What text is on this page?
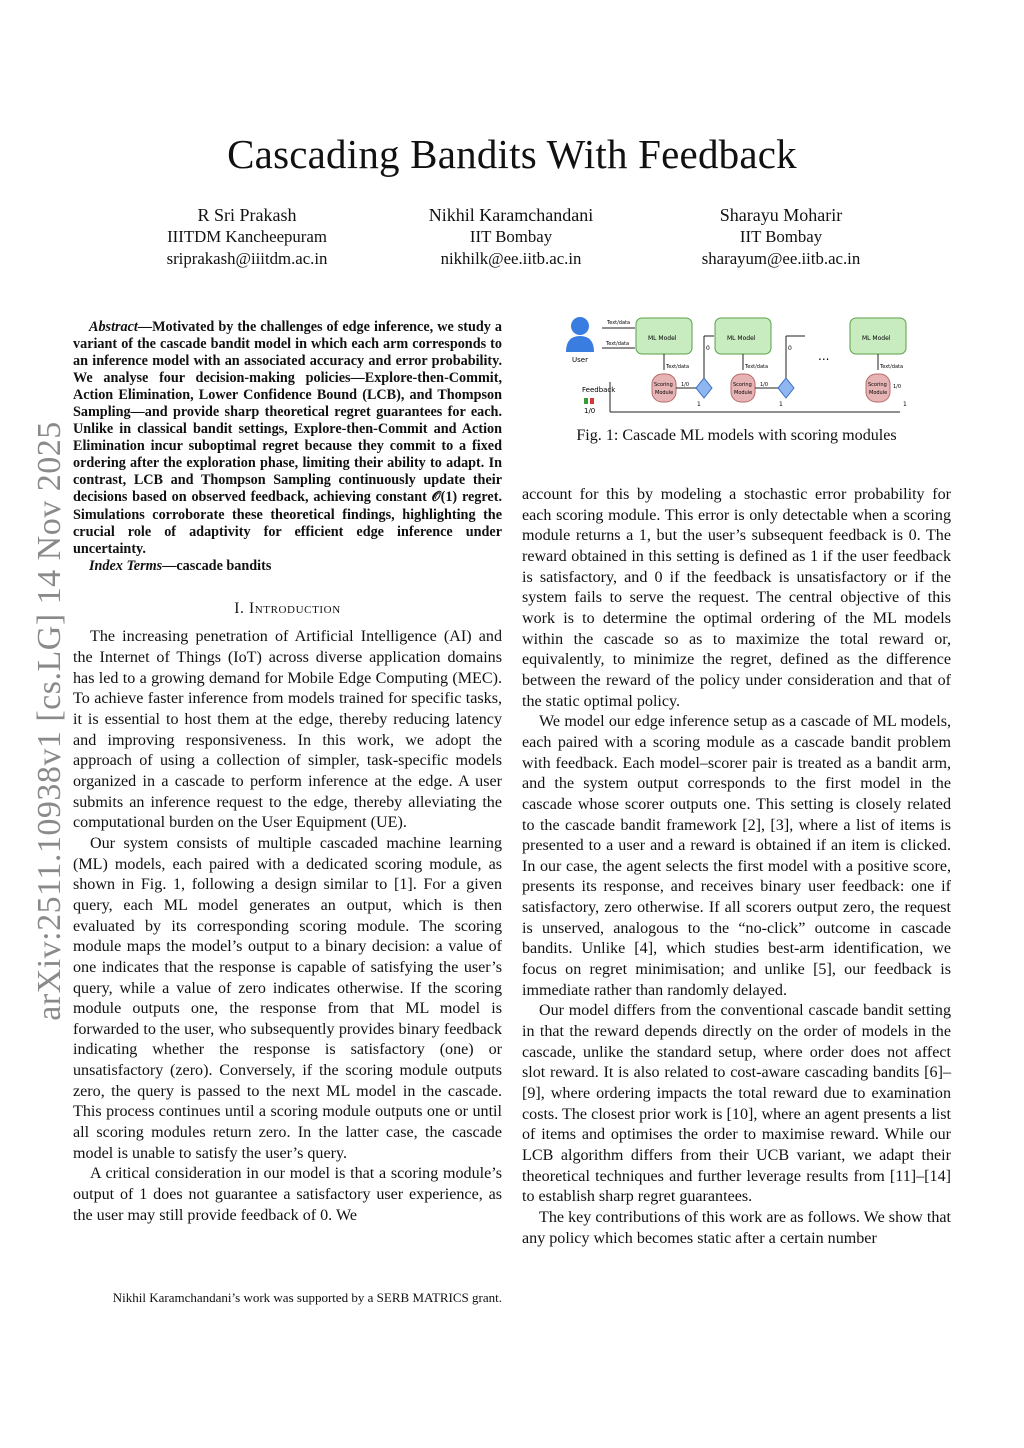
arXiv:2511.10938v1 [cs.LG] 14 Nov 2025
Cascading Bandits With Feedback
R Sri Prakash
IIITDM Kancheepuram
sriprakash@iiitdm.ac.in
Nikhil Karamchandani
IIT Bombay
nikhilk@ee.iitb.ac.in
Sharayu Moharir
IIT Bombay
sharayum@ee.iitb.ac.in
Abstract—Motivated by the challenges of edge inference, we study a variant of the cascade bandit model in which each arm corresponds to an inference model with an associated accuracy and error probability. We analyse four decision-making policies—Explore-then-Commit, Action Elimination, Lower Confidence Bound (LCB), and Thompson Sampling—and provide sharp theoretical regret guarantees for each. Unlike in classical bandit settings, Explore-then-Commit and Action Elimination incur suboptimal regret because they commit to a fixed ordering after the exploration phase, limiting their ability to adapt. In contrast, LCB and Thompson Sampling continuously update their decisions based on observed feedback, achieving constant 𝒪(1) regret. Simulations corroborate these theoretical findings, highlighting the crucial role of adaptivity for efficient edge inference under uncertainty.
Index Terms—cascade bandits
I. Introduction

The increasing penetration of Artificial Intelligence (AI) and the Internet of Things (IoT) across diverse application domains has led to a growing demand for Mobile Edge Computing (MEC). To achieve faster inference from models trained for specific tasks, it is essential to host them at the edge, thereby reducing latency and improving responsiveness. In this work, we adopt the approach of using a collection of simpler, task-specific models organized in a cascade to perform inference at the edge. A user submits an inference request to the edge, thereby alleviating the computational burden on the User Equipment (UE).

Our system consists of multiple cascaded machine learning (ML) models, each paired with a dedicated scoring module, as shown in Fig. 1, following a design similar to [1]. For a given query, each ML model generates an output, which is then evaluated by its corresponding scoring module. The scoring module maps the model’s output to a binary decision: a value of one indicates that the response is capable of satisfying the user’s query, while a value of zero indicates otherwise. If the scoring module outputs one, the response from that ML model is forwarded to the user, who subsequently provides binary feedback indicating whether the response is satisfactory (one) or unsatisfactory (zero). Conversely, if the scoring module outputs zero, the query is passed to the next ML model in the cascade. This process continues until a scoring module outputs one or until all scoring modules return zero. In the latter case, the cascade model is unable to satisfy the user’s query.

A critical consideration in our model is that a scoring module’s output of 1 does not guarantee a satisfactory user experience, as the user may still provide feedback of 0. We

Nikhil Karamchandani’s work was supported by a SERB MATRICS grant.
User
Feedback
1/0
Text/data
Text/data
ML Model
Text/data
Scoring
Module
1/0
1
0
ML Model
Text/data
Scoring
Module
1/0
1
0
...
ML Model
Text/data
Scoring
Module
1/0
1
Fig. 1: Cascade ML models with scoring modules

account for this by modeling a stochastic error probability for each scoring module. This error is only detectable when a scoring module returns a 1, but the user’s subsequent feedback is 0. The reward obtained in this setting is defined as 1 if the user feedback is satisfactory, and 0 if the feedback is unsatisfactory or if the system fails to serve the request. The central objective of this work is to determine the optimal ordering of the ML models within the cascade so as to maximize the total reward or, equivalently, to minimize the regret, defined as the difference between the reward of the policy under consideration and that of the static optimal policy.

We model our edge inference setup as a cascade of ML models, each paired with a scoring module as a cascade bandit problem with feedback. Each model–scorer pair is treated as a bandit arm, and the system output corresponds to the first model in the cascade whose scorer outputs one. This setting is closely related to the cascade bandit framework [2], [3], where a list of items is presented to a user and a reward is obtained if an item is clicked. In our case, the agent selects the first model with a positive score, presents its response, and receives binary user feedback: one if satisfactory, zero otherwise. If all scorers output zero, the request is unserved, analogous to the “no-click” outcome in cascade bandits. Unlike [4], which studies best-arm identification, we focus on regret minimisation; and unlike [5], our feedback is immediate rather than randomly delayed.

Our model differs from the conventional cascade bandit setting in that the reward depends directly on the order of models in the cascade, unlike the standard setup, where order does not affect slot reward. It is also related to cost-aware cascading bandits [6]–[9], where ordering impacts the total reward due to examination costs. The closest prior work is [10], where an agent presents a list of items and optimises the order to maximise reward. While our LCB algorithm differs from their UCB variant, we adapt their theoretical techniques and further leverage results from [11]–[14] to establish sharp regret guarantees.

The key contributions of this work are as follows. We show that any policy which becomes static after a certain number
